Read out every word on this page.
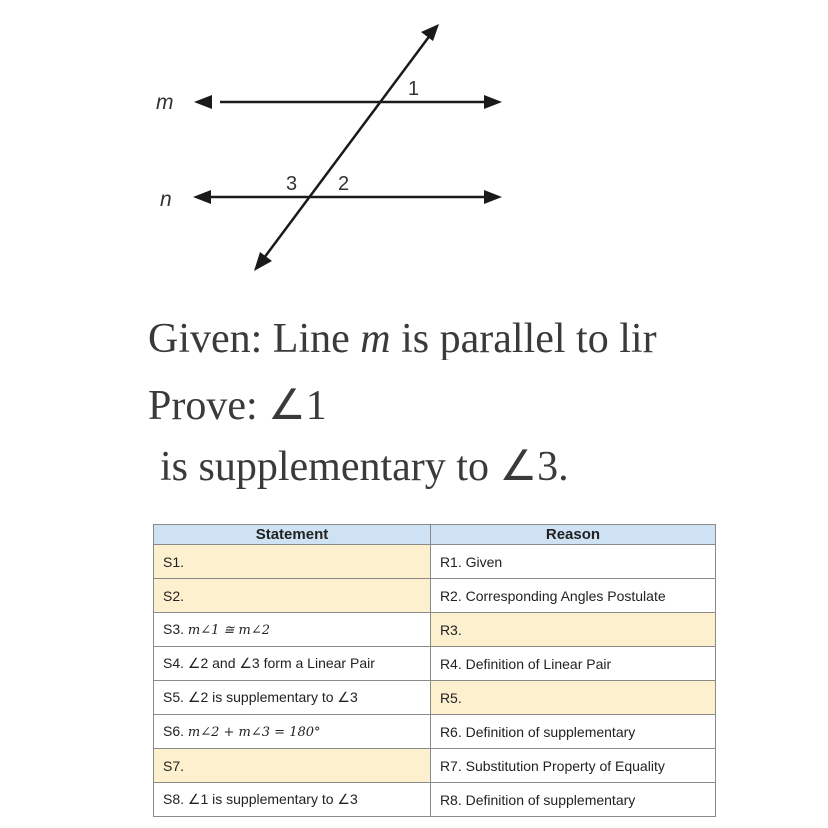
m
n
1
3 2
Given: Line m is parallel to lir
Prove: ∠1
is supplementary to ∠3.
Statement	Reason
S1.	R1. Given
S2.	R2. Corresponding Angles Postulate
S3. m∠1 ≅ m∠2	R3.
S4. ∠2 and ∠3 form a Linear Pair	R4. Definition of Linear Pair
S5. ∠2 is supplementary to ∠3	R5.
S6. m∠2 + m∠3 = 180°	R6. Definition of supplementary
S7.	R7. Substitution Property of Equality
S8. ∠1 is supplementary to ∠3	R8. Definition of supplementary
